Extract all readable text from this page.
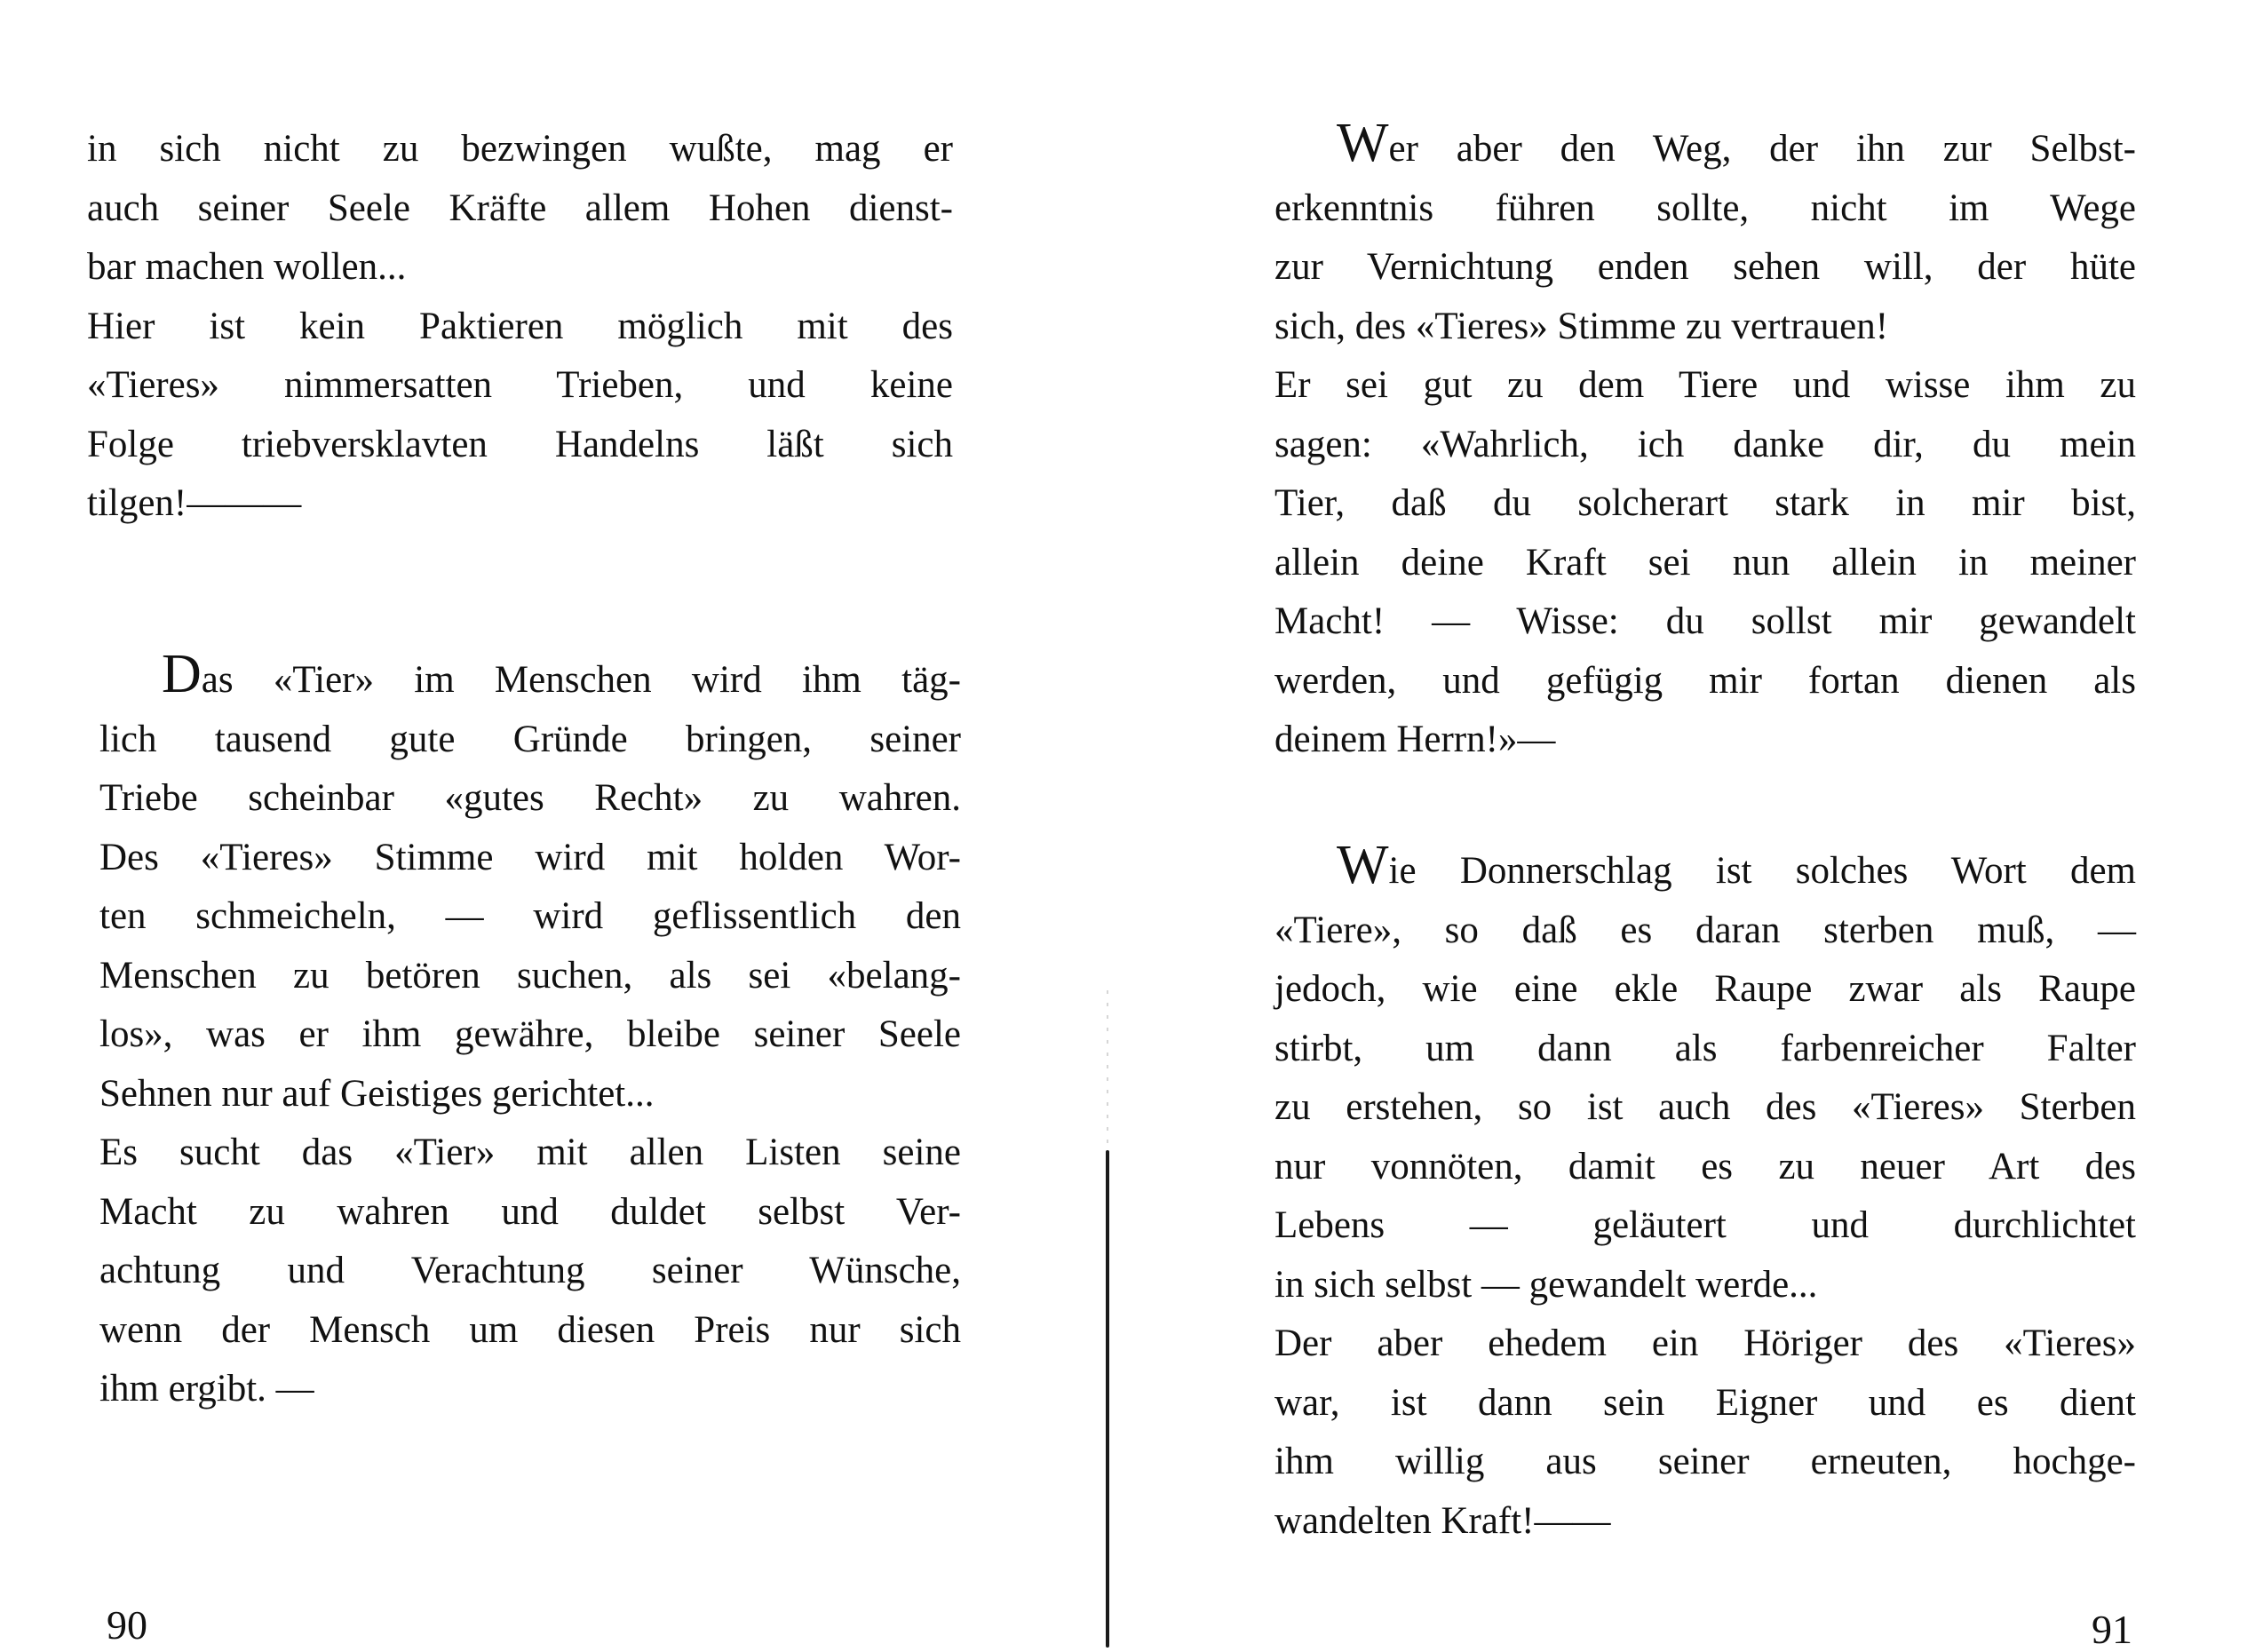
in sich nicht zu bezwingen wußte, mag er
auch seiner Seele Kräfte allem Hohen dienst-
bar machen wollen...
Hier ist kein Paktieren möglich mit des
«Tieres» nimmersatten Trieben, und keine
Folge triebversklavten Handelns läßt sich
tilgen!———
Das «Tier» im Menschen wird ihm täg-
lich tausend gute Gründe bringen, seiner
Triebe scheinbar «gutes Recht» zu wahren.
Des «Tieres» Stimme wird mit holden Wor-
ten schmeicheln, — wird geflissentlich den
Menschen zu betören suchen, als sei «belang-
los», was er ihm gewähre, bleibe seiner Seele
Sehnen nur auf Geistiges gerichtet...
Es sucht das «Tier» mit allen Listen seine
Macht zu wahren und duldet selbst Ver-
achtung und Verachtung seiner Wünsche,
wenn der Mensch um diesen Preis nur sich
ihm ergibt. —
90
Wer aber den Weg, der ihn zur Selbst-
erkenntnis führen sollte, nicht im Wege
zur Vernichtung enden sehen will, der hüte
sich, des «Tieres» Stimme zu vertrauen!
Er sei gut zu dem Tiere und wisse ihm zu
sagen: «Wahrlich, ich danke dir, du mein
Tier, daß du solcherart stark in mir bist,
allein deine Kraft sei nun allein in meiner
Macht! — Wisse: du sollst mir gewandelt
werden, und gefügig mir fortan dienen als
deinem Herrn!»—
Wie Donnerschlag ist solches Wort dem
«Tiere», so daß es daran sterben muß, —
jedoch, wie eine ekle Raupe zwar als Raupe
stirbt, um dann als farbenreicher Falter
zu erstehen, so ist auch des «Tieres» Sterben
nur vonnöten, damit es zu neuer Art des
Lebens — geläutert und durchlichtet
in sich selbst — gewandelt werde...
Der aber ehedem ein Höriger des «Tieres»
war, ist dann sein Eigner und es dient
ihm willig aus seiner erneuten, hochge-
wandelten Kraft!——
91
